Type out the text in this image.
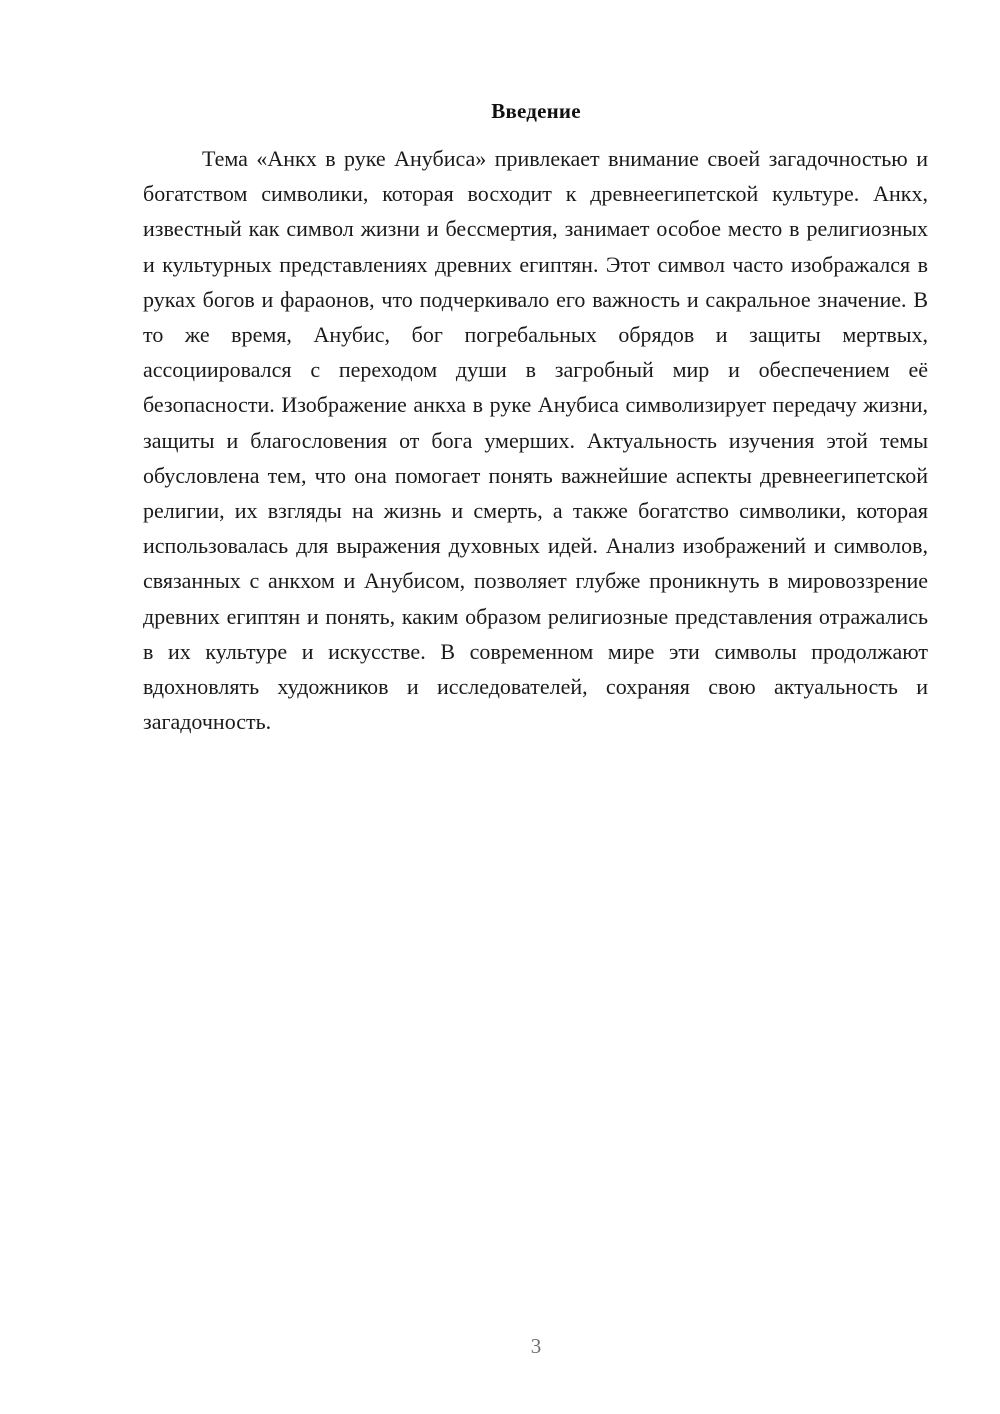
Введение

Тема «Анкх в руке Анубиса» привлекает внимание своей загадочностью и богатством символики, которая восходит к древнеегипетской культуре. Анкх, известный как символ жизни и бессмертия, занимает особое место в религиозных и культурных представлениях древних египтян. Этот символ часто изображался в руках богов и фараонов, что подчеркивало его важность и сакральное значение. В то же время, Анубис, бог погребальных обрядов и защиты мертвых, ассоциировался с переходом души в загробный мир и обеспечением её безопасности. Изображение анкха в руке Анубиса символизирует передачу жизни, защиты и благословения от бога умерших. Актуальность изучения этой темы обусловлена тем, что она помогает понять важнейшие аспекты древнеегипетской религии, их взгляды на жизнь и смерть, а также богатство символики, которая использовалась для выражения духовных идей. Анализ изображений и символов, связанных с анкхом и Анубисом, позволяет глубже проникнуть в мировоззрение древних египтян и понять, каким образом религиозные представления отражались в их культуре и искусстве. В современном мире эти символы продолжают вдохновлять художников и исследователей, сохраняя свою актуальность и загадочность.

3
